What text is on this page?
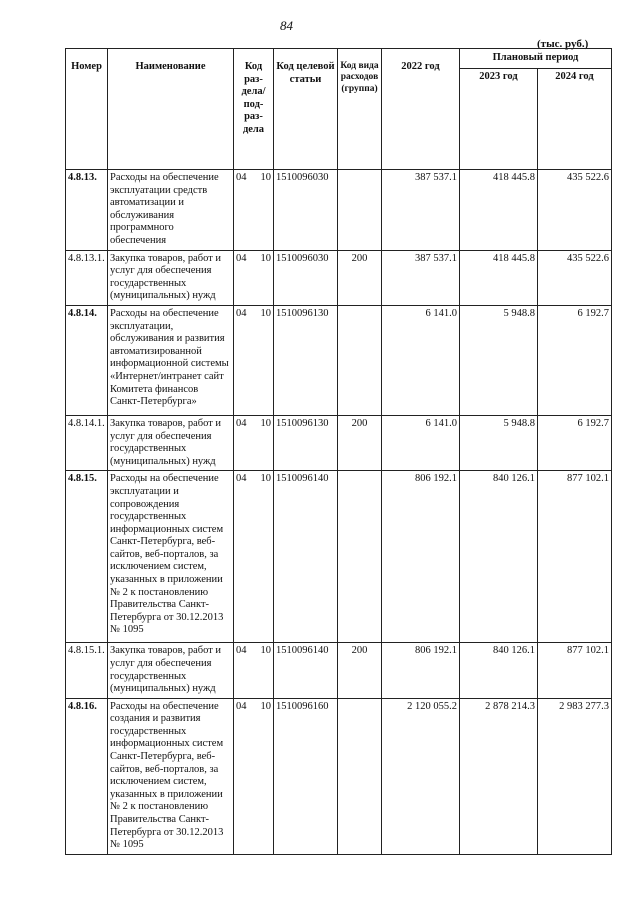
84
(тыс. руб.)
Номер	Наименование	Код раз-дела/ под-раз-дела	Код целевой статьи	Код вида расходов (группа)	2022 год	Плановый период	
						2023 год	2024 год
4.8.13.	Расходы на обеспечение эксплуатации средств автоматизации и обслуживания программного обеспечения	04 10	1510096030		387 537.1	418 445.8	435 522.6
4.8.13.1.	Закупка товаров, работ и услуг для обеспечения государственных (муниципальных) нужд	04 10	1510096030	200	387 537.1	418 445.8	435 522.6
4.8.14.	Расходы на обеспечение эксплуатации, обслуживания и развития автоматизированной информационной системы «Интернет/интранет сайт Комитета финансов Санкт-Петербурга»	04 10	1510096130		6 141.0	5 948.8	6 192.7
4.8.14.1.	Закупка товаров, работ и услуг для обеспечения государственных (муниципальных) нужд	04 10	1510096130	200	6 141.0	5 948.8	6 192.7
4.8.15.	Расходы на обеспечение эксплуатации и сопровождения государственных информационных систем Санкт-Петербурга, веб-сайтов, веб-порталов, за исключением систем, указанных в приложении № 2 к постановлению Правительства Санкт-Петербурга от 30.12.2013 № 1095	04 10	1510096140		806 192.1	840 126.1	877 102.1
4.8.15.1.	Закупка товаров, работ и услуг для обеспечения государственных (муниципальных) нужд	04 10	1510096140	200	806 192.1	840 126.1	877 102.1
4.8.16.	Расходы на обеспечение создания и развития государственных информационных систем Санкт-Петербурга, веб-сайтов, веб-порталов, за исключением систем, указанных в приложении № 2 к постановлению Правительства Санкт-Петербурга от 30.12.2013 № 1095	04 10	1510096160		2 120 055.2	2 878 214.3	2 983 277.3
